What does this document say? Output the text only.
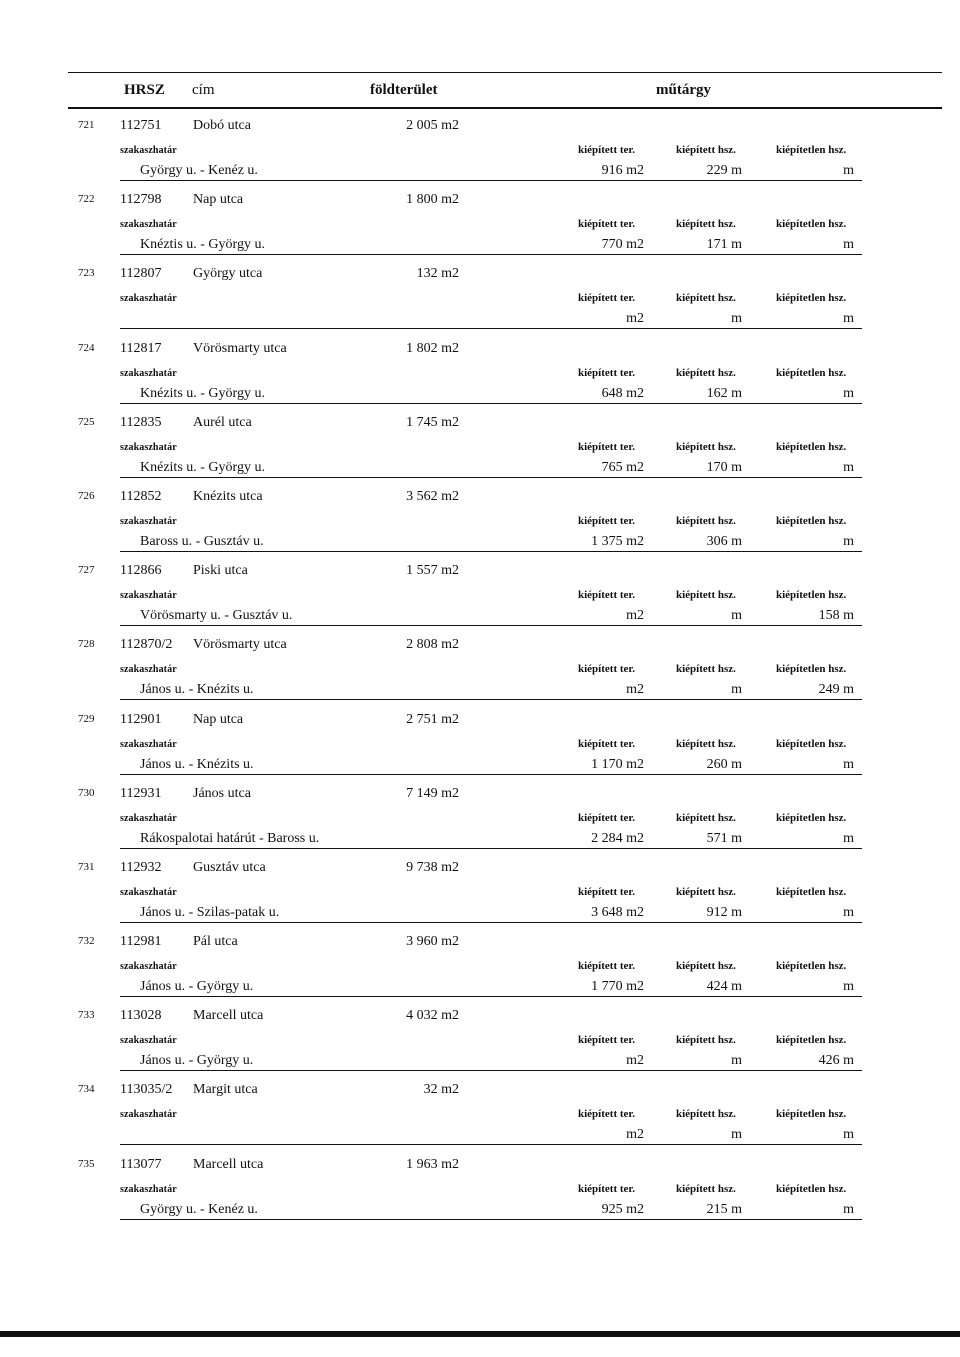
HRSZ cím	földterület	műtárgy
721 112751 Dobó utca	2 005 m2
szakaszhatár	kiépített ter.	kiépített hsz.	kiépítetlen hsz.
György u. - Kenéz u.	916 m2	229 m	m
722 112798 Nap utca	1 800 m2
szakaszhatár	kiépített ter.	kiépített hsz.	kiépítetlen hsz.
Knéztis u. - György u.	770 m2	171 m	m
723 112807 György utca	132 m2
szakaszhatár	kiépített ter.	kiépített hsz.	kiépítetlen hsz.
m2	m	m
724 112817 Vörösmarty utca	1 802 m2
szakaszhatár	kiépített ter.	kiépített hsz.	kiépítetlen hsz.
Knézits u. - György u.	648 m2	162 m	m
725 112835 Aurél utca	1 745 m2
szakaszhatár	kiépített ter.	kiépített hsz.	kiépítetlen hsz.
Knézits u. - György u.	765 m2	170 m	m
726 112852 Knézits utca	3 562 m2
szakaszhatár	kiépített ter.	kiépített hsz.	kiépítetlen hsz.
Baross u. - Gusztáv u.	1 375 m2	306 m	m
727 112866 Piski utca	1 557 m2
szakaszhatár	kiépített ter.	kiépített hsz.	kiépítetlen hsz.
Vörösmarty u. - Gusztáv u.	m2	m	158 m
728 112870/2 Vörösmarty utca	2 808 m2
szakaszhatár	kiépített ter.	kiépített hsz.	kiépítetlen hsz.
János u. - Knézits u.	m2	m	249 m
729 112901 Nap utca	2 751 m2
szakaszhatár	kiépített ter.	kiépített hsz.	kiépítetlen hsz.
János u. - Knézits u.	1 170 m2	260 m	m
730 112931 János utca	7 149 m2
szakaszhatár	kiépített ter.	kiépített hsz.	kiépítetlen hsz.
Rákospalotai határút - Baross u.	2 284 m2	571 m	m
731 112932 Gusztáv utca	9 738 m2
szakaszhatár	kiépített ter.	kiépített hsz.	kiépítetlen hsz.
János u. - Szilas-patak u.	3 648 m2	912 m	m
732 112981 Pál utca	3 960 m2
szakaszhatár	kiépített ter.	kiépített hsz.	kiépítetlen hsz.
János u. - György u.	1 770 m2	424 m	m
733 113028 Marcell utca	4 032 m2
szakaszhatár	kiépített ter.	kiépített hsz.	kiépítetlen hsz.
János u. - György u.	m2	m	426 m
734 113035/2 Margit utca	32 m2
szakaszhatár	kiépített ter.	kiépített hsz.	kiépítetlen hsz.
m2	m	m
735 113077 Marcell utca	1 963 m2
szakaszhatár	kiépített ter.	kiépített hsz.	kiépítetlen hsz.
György u. - Kenéz u.	925 m2	215 m	m
